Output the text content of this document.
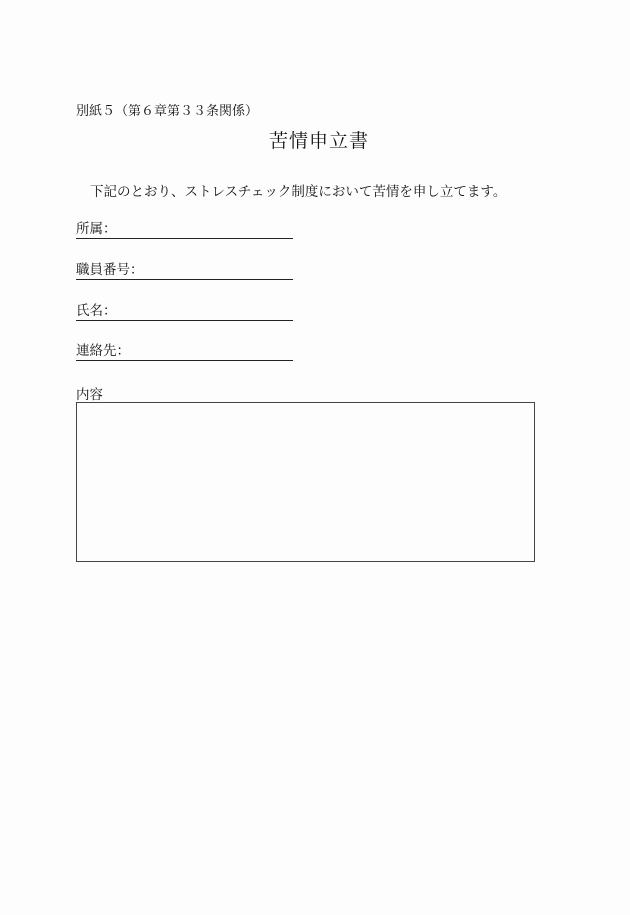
別紙５（第６章第３３条関係）
苦情申立書
下記のとおり、ストレスチェック制度において苦情を申し立てます。
所属：
職員番号：
氏名：
連絡先：
内容
